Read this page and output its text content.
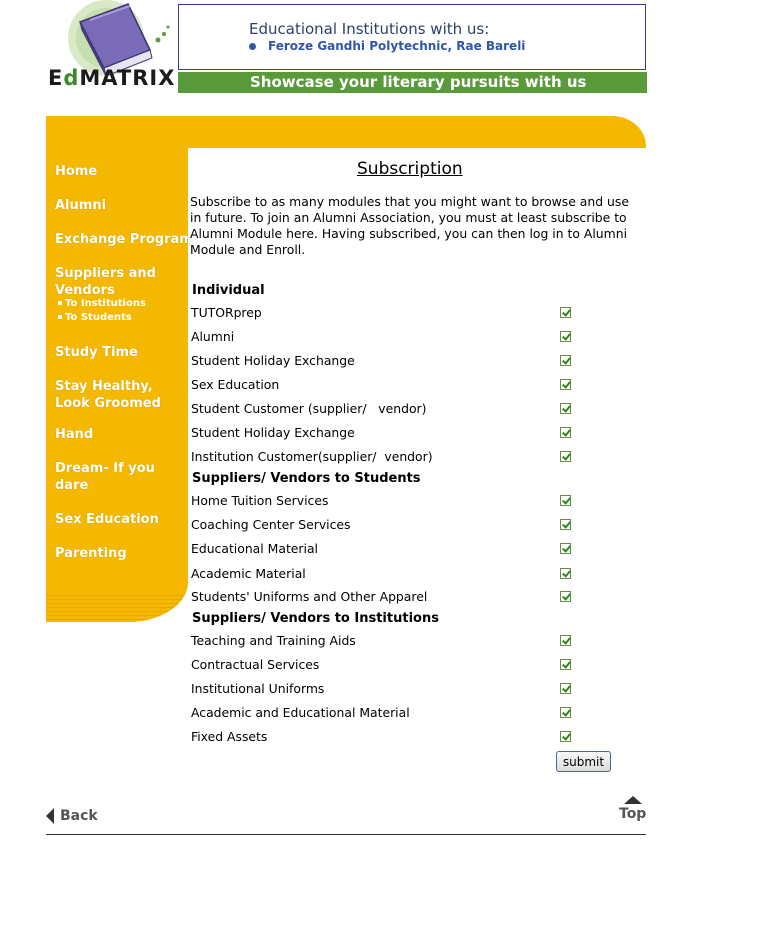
EdMATRIX
Educational Institutions with us:
Feroze Gandhi Polytechnic, Rae Bareli
Showcase your literary pursuits with us
Home
Alumni
Exchange Program
Suppliers and
Vendors
To Institutions
To Students
Study Time
Stay Healthy,
Look Groomed
Hand
Dream- If you
dare
Sex Education
Parenting
Subscription
Subscribe to as many modules that you might want to browse and use in future. To join an Alumni Association, you must at least subscribe to Alumni Module here. Having subscribed, you can then log in to Alumni Module and Enroll.
Individual
Suppliers/ Vendors to Students
Suppliers/ Vendors to Institutions
TUTORprep
Alumni
Student Holiday Exchange
Sex Education
Student Customer (supplier/   vendor)
Student Holiday Exchange
Institution Customer(supplier/  vendor)
Home Tuition Services
Coaching Center Services
Educational Material
Academic Material
Students' Uniforms and Other Apparel
Teaching and Training Aids
Contractual Services
Institutional Uniforms
Academic and Educational Material
Fixed Assets
submit
Back	Top
